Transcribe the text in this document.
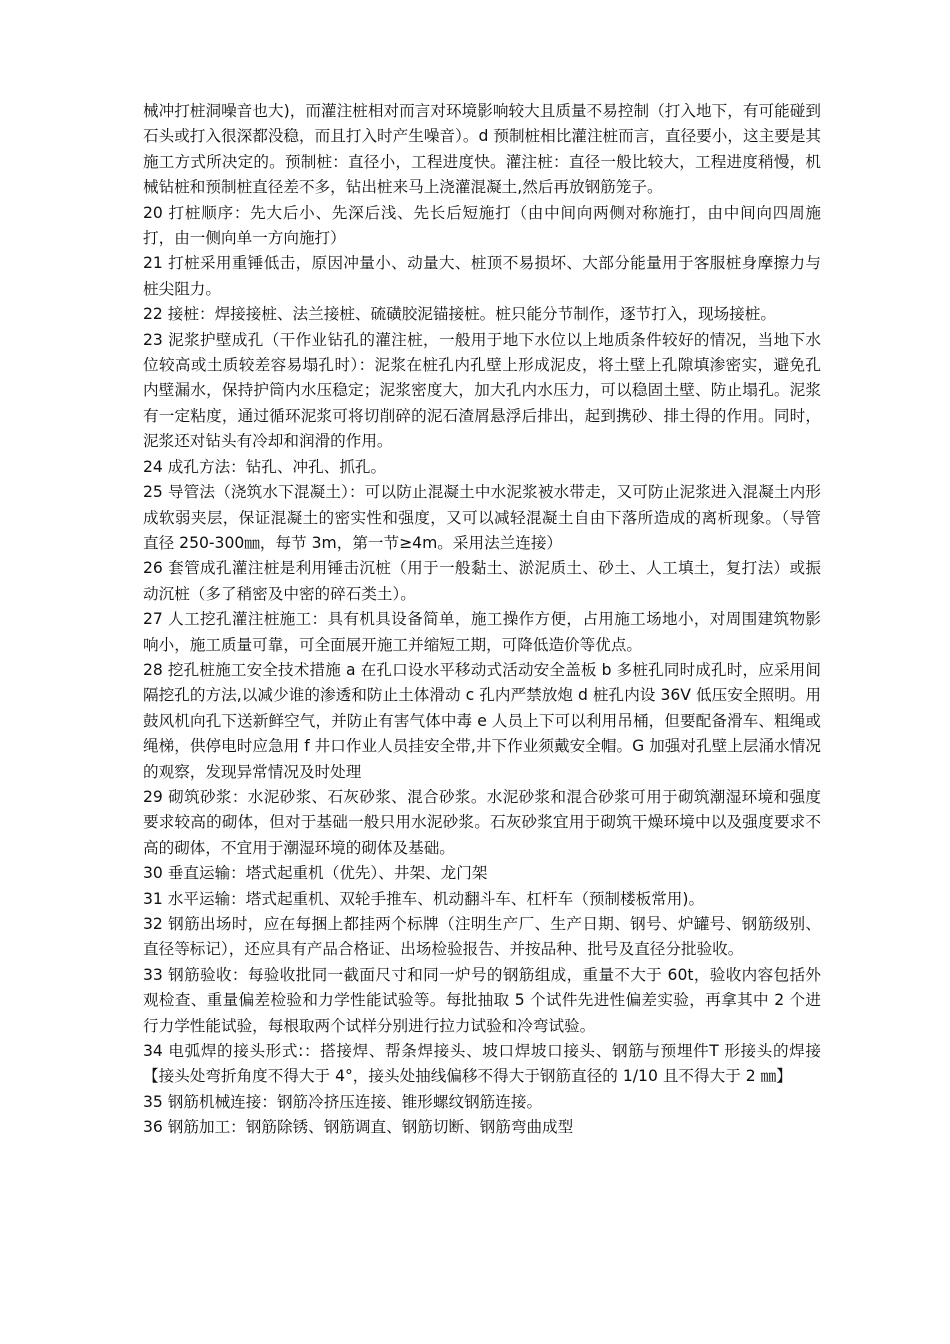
械冲打桩洞噪音也大)，而灌注桩相对而言对环境影响较大且质量不易控制（打入地下，有可能碰到石头或打入很深都没稳，而且打入时产生噪音）。d 预制桩相比灌注桩而言，直径要小，这主要是其施工方式所决定的。预制桩：直径小，工程进度快。灌注桩：直径一般比较大，工程进度稍慢，机械钻桩和预制桩直径差不多，钻出桩来马上浇灌混凝土,然后再放钢筋笼子。

20 打桩顺序：先大后小、先深后浅、先长后短施打（由中间向两侧对称施打，由中间向四周施打，由一侧向单一方向施打）

21 打桩采用重锤低击，原因冲量小、动量大、桩顶不易损坏、大部分能量用于客服桩身摩擦力与桩尖阻力。

22 接桩：焊接接桩、法兰接桩、硫磺胶泥锚接桩。桩只能分节制作，逐节打入，现场接桩。

23 泥浆护壁成孔（干作业钻孔的灌注桩，一般用于地下水位以上地质条件较好的情况，当地下水位较高或土质较差容易塌孔时）：泥浆在桩孔内孔壁上形成泥皮，将土壁上孔隙填渗密实，避免孔内壁漏水，保持护筒内水压稳定；泥浆密度大，加大孔内水压力，可以稳固土壁、防止塌孔。泥浆有一定粘度，通过循环泥浆可将切削碎的泥石渣屑悬浮后排出，起到携砂、排土得的作用。同时，泥浆还对钻头有冷却和润滑的作用。

24 成孔方法：钻孔、冲孔、抓孔。

25 导管法（浇筑水下混凝土）：可以防止混凝土中水泥浆被水带走，又可防止泥浆进入混凝土内形成软弱夹层，保证混凝土的密实性和强度，又可以减轻混凝土自由下落所造成的离析现象。（导管直径 250-300㎜，每节 3m，第一节≥4m。采用法兰连接）

26 套管成孔灌注桩是利用锤击沉桩（用于一般黏土、淤泥质土、砂土、人工填土，复打法）或振动沉桩（多了稍密及中密的碎石类土）。

27 人工挖孔灌注桩施工：具有机具设备简单，施工操作方便，占用施工场地小，对周围建筑物影响小，施工质量可靠，可全面展开施工并缩短工期，可降低造价等优点。

28 挖孔桩施工安全技术措施 a 在孔口设水平移动式活动安全盖板 b 多桩孔同时成孔时，应采用间隔挖孔的方法,以减少谁的渗透和防止土体滑动 c 孔内严禁放炮 d 桩孔内设 36V 低压安全照明。用鼓风机向孔下送新鲜空气，并防止有害气体中毒 e 人员上下可以利用吊桶，但要配备滑车、粗绳或绳梯，供停电时应急用 f 井口作业人员挂安全带,井下作业须戴安全帽。G 加强对孔壁上层涌水情况的观察，发现异常情况及时处理

29 砌筑砂浆：水泥砂浆、石灰砂浆、混合砂浆。水泥砂浆和混合砂浆可用于砌筑潮湿环境和强度要求较高的砌体，但对于基础一般只用水泥砂浆。石灰砂浆宜用于砌筑干燥环境中以及强度要求不高的砌体，不宜用于潮湿环境的砌体及基础。

30 垂直运输：塔式起重机（优先）、井架、龙门架

31 水平运输：塔式起重机、双轮手推车、机动翻斗车、杠杆车（预制楼板常用)。

32 钢筋出场时，应在每捆上都挂两个标牌（注明生产厂、生产日期、钢号、炉罐号、钢筋级别、直径等标记），还应具有产品合格证、出场检验报告、并按品种、批号及直径分批验收。

33 钢筋验收：每验收批同一截面尺寸和同一炉号的钢筋组成，重量不大于 60t，验收内容包括外观检查、重量偏差检验和力学性能试验等。每批抽取 5 个试件先进性偏差实验，再拿其中 2 个进行力学性能试验，每根取两个试样分别进行拉力试验和冷弯试验。

34 电弧焊的接头形式:：搭接焊、帮条焊接头、坡口焊坡口接头、钢筋与预埋件T 形接头的焊接【接头处弯折角度不得大于 4°，接头处抽线偏移不得大于钢筋直径的 1/10 且不得大于 2 ㎜】

35 钢筋机械连接：钢筋冷挤压连接、锥形螺纹钢筋连接。

36 钢筋加工：钢筋除锈、钢筋调直、钢筋切断、钢筋弯曲成型
